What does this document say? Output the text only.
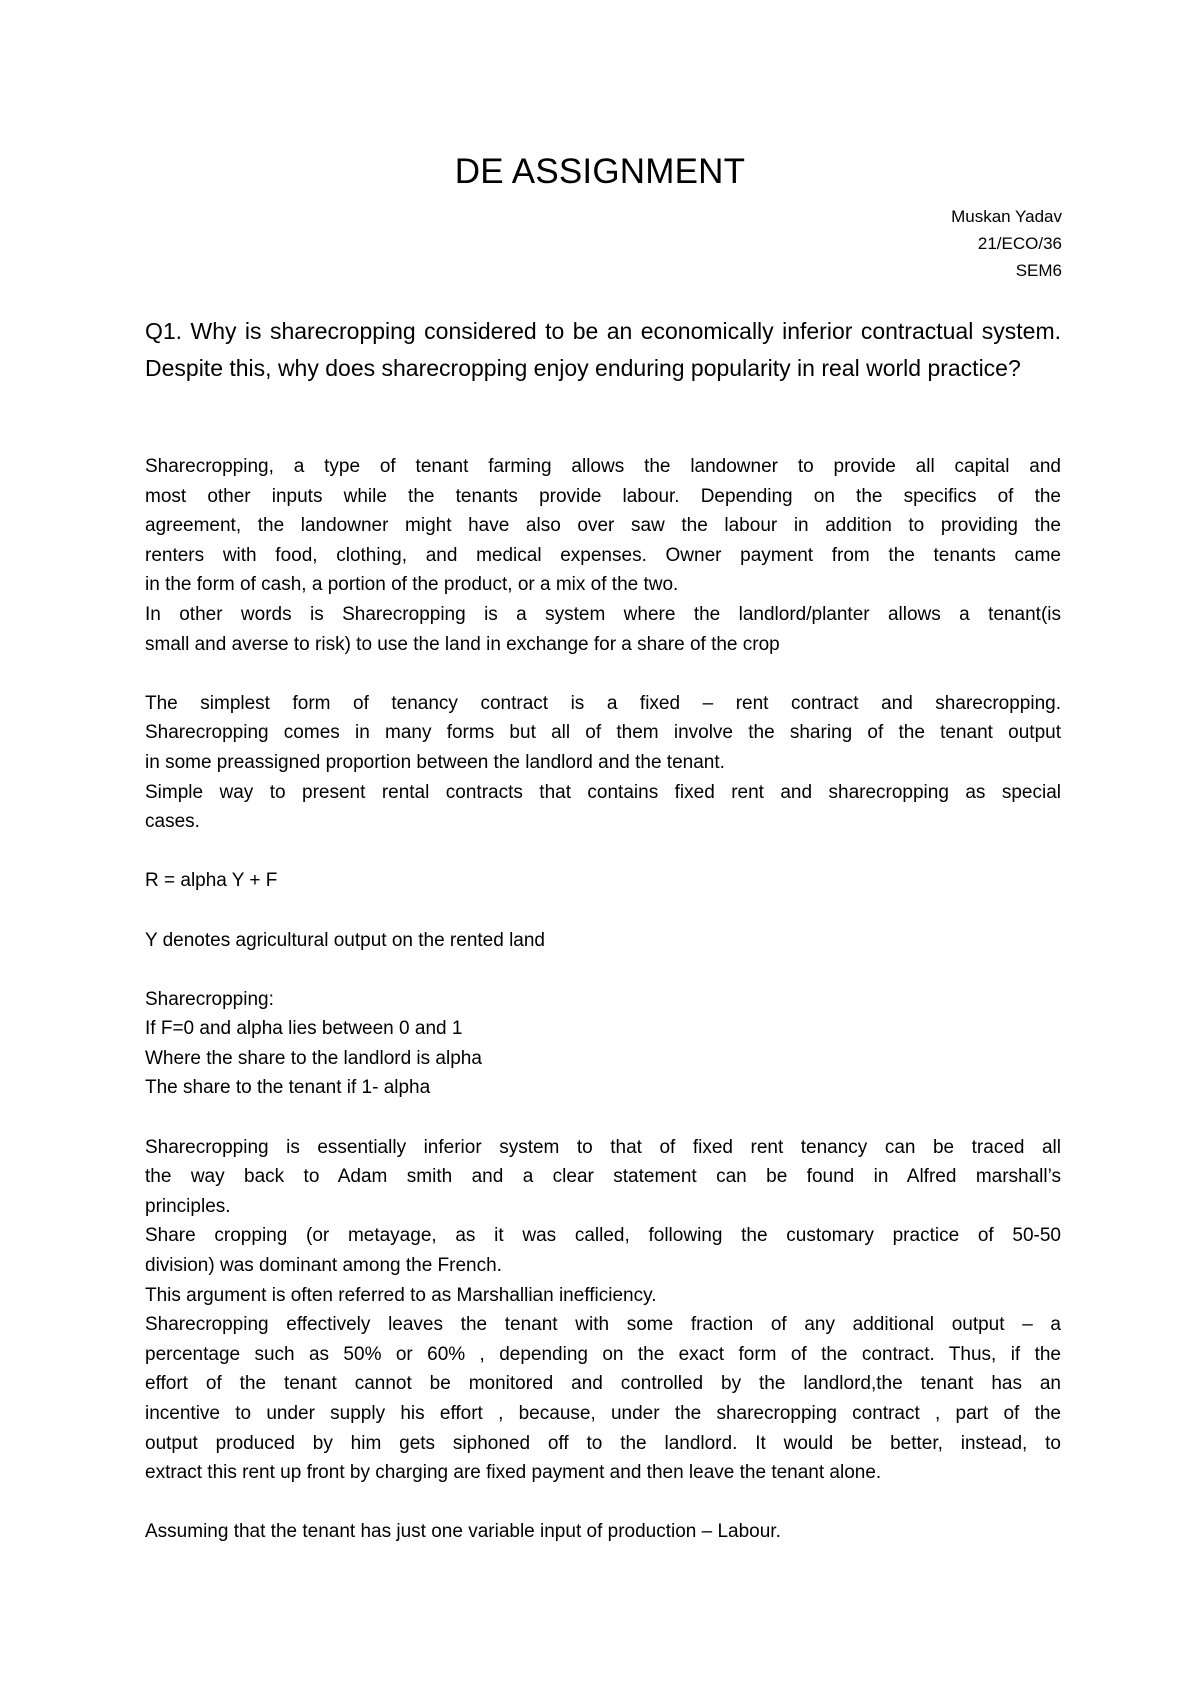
DE ASSIGNMENT
Muskan Yadav
21/ECO/36
SEM6
Q1. Why is sharecropping considered to be an economically inferior contractual system. Despite this, why does sharecropping enjoy enduring popularity in real world practice?
Sharecropping, a type of tenant farming allows the landowner to provide all capital and
most other inputs while the tenants provide labour. Depending on the specifics of the
agreement, the landowner might have also over saw the labour in addition to providing the
renters with food, clothing, and medical expenses. Owner payment from the tenants came
in the form of cash, a portion of the product, or a mix of the two.
In other words is Sharecropping is a system where the landlord/planter allows a tenant(is
small and averse to risk) to use the land in exchange for a share of the crop
The simplest form of tenancy contract is a fixed – rent contract and sharecropping.
Sharecropping comes in many forms but all of them involve the sharing of the tenant output
in some preassigned proportion between the landlord and the tenant.
Simple way to present rental contracts that contains fixed rent and sharecropping as special
cases.
R = alpha Y + F
Y denotes agricultural output on the rented land
Sharecropping:
If F=0 and alpha lies between 0 and 1
Where the share to the landlord is alpha
The share to the tenant if 1- alpha
Sharecropping is essentially inferior system to that of fixed rent tenancy can be traced all
the way back to Adam smith and a clear statement can be found in Alfred marshall’s
principles.
Share cropping (or metayage, as it was called, following the customary practice of 50-50
division) was dominant among the French.
This argument is often referred to as Marshallian inefficiency.
Sharecropping effectively leaves the tenant with some fraction of any additional output – a
percentage such as 50% or 60% , depending on the exact form of the contract. Thus, if the
effort of the tenant cannot be monitored and controlled by the landlord,the tenant has an
incentive to under supply his effort , because, under the sharecropping contract , part of the
output produced by him gets siphoned off to the landlord. It would be better, instead, to
extract this rent up front by charging are fixed payment and then leave the tenant alone.
Assuming that the tenant has just one variable input of production – Labour.
